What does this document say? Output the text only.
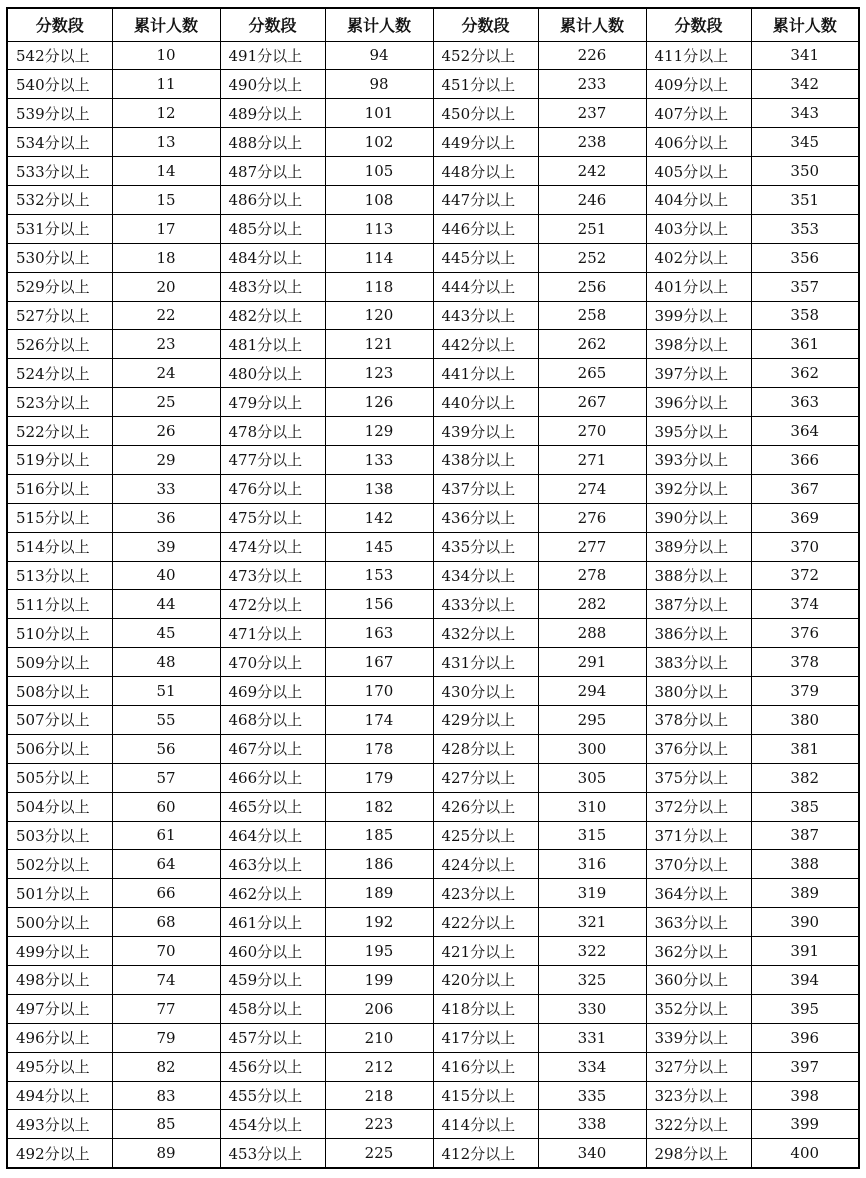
分数段	累计人数	分数段	累计人数	分数段	累计人数	分数段	累计人数
542分以上	10	491分以上	94	452分以上	226	411分以上	341
540分以上	11	490分以上	98	451分以上	233	409分以上	342
539分以上	12	489分以上	101	450分以上	237	407分以上	343
534分以上	13	488分以上	102	449分以上	238	406分以上	345
533分以上	14	487分以上	105	448分以上	242	405分以上	350
532分以上	15	486分以上	108	447分以上	246	404分以上	351
531分以上	17	485分以上	113	446分以上	251	403分以上	353
530分以上	18	484分以上	114	445分以上	252	402分以上	356
529分以上	20	483分以上	118	444分以上	256	401分以上	357
527分以上	22	482分以上	120	443分以上	258	399分以上	358
526分以上	23	481分以上	121	442分以上	262	398分以上	361
524分以上	24	480分以上	123	441分以上	265	397分以上	362
523分以上	25	479分以上	126	440分以上	267	396分以上	363
522分以上	26	478分以上	129	439分以上	270	395分以上	364
519分以上	29	477分以上	133	438分以上	271	393分以上	366
516分以上	33	476分以上	138	437分以上	274	392分以上	367
515分以上	36	475分以上	142	436分以上	276	390分以上	369
514分以上	39	474分以上	145	435分以上	277	389分以上	370
513分以上	40	473分以上	153	434分以上	278	388分以上	372
511分以上	44	472分以上	156	433分以上	282	387分以上	374
510分以上	45	471分以上	163	432分以上	288	386分以上	376
509分以上	48	470分以上	167	431分以上	291	383分以上	378
508分以上	51	469分以上	170	430分以上	294	380分以上	379
507分以上	55	468分以上	174	429分以上	295	378分以上	380
506分以上	56	467分以上	178	428分以上	300	376分以上	381
505分以上	57	466分以上	179	427分以上	305	375分以上	382
504分以上	60	465分以上	182	426分以上	310	372分以上	385
503分以上	61	464分以上	185	425分以上	315	371分以上	387
502分以上	64	463分以上	186	424分以上	316	370分以上	388
501分以上	66	462分以上	189	423分以上	319	364分以上	389
500分以上	68	461分以上	192	422分以上	321	363分以上	390
499分以上	70	460分以上	195	421分以上	322	362分以上	391
498分以上	74	459分以上	199	420分以上	325	360分以上	394
497分以上	77	458分以上	206	418分以上	330	352分以上	395
496分以上	79	457分以上	210	417分以上	331	339分以上	396
495分以上	82	456分以上	212	416分以上	334	327分以上	397
494分以上	83	455分以上	218	415分以上	335	323分以上	398
493分以上	85	454分以上	223	414分以上	338	322分以上	399
492分以上	89	453分以上	225	412分以上	340	298分以上	400
